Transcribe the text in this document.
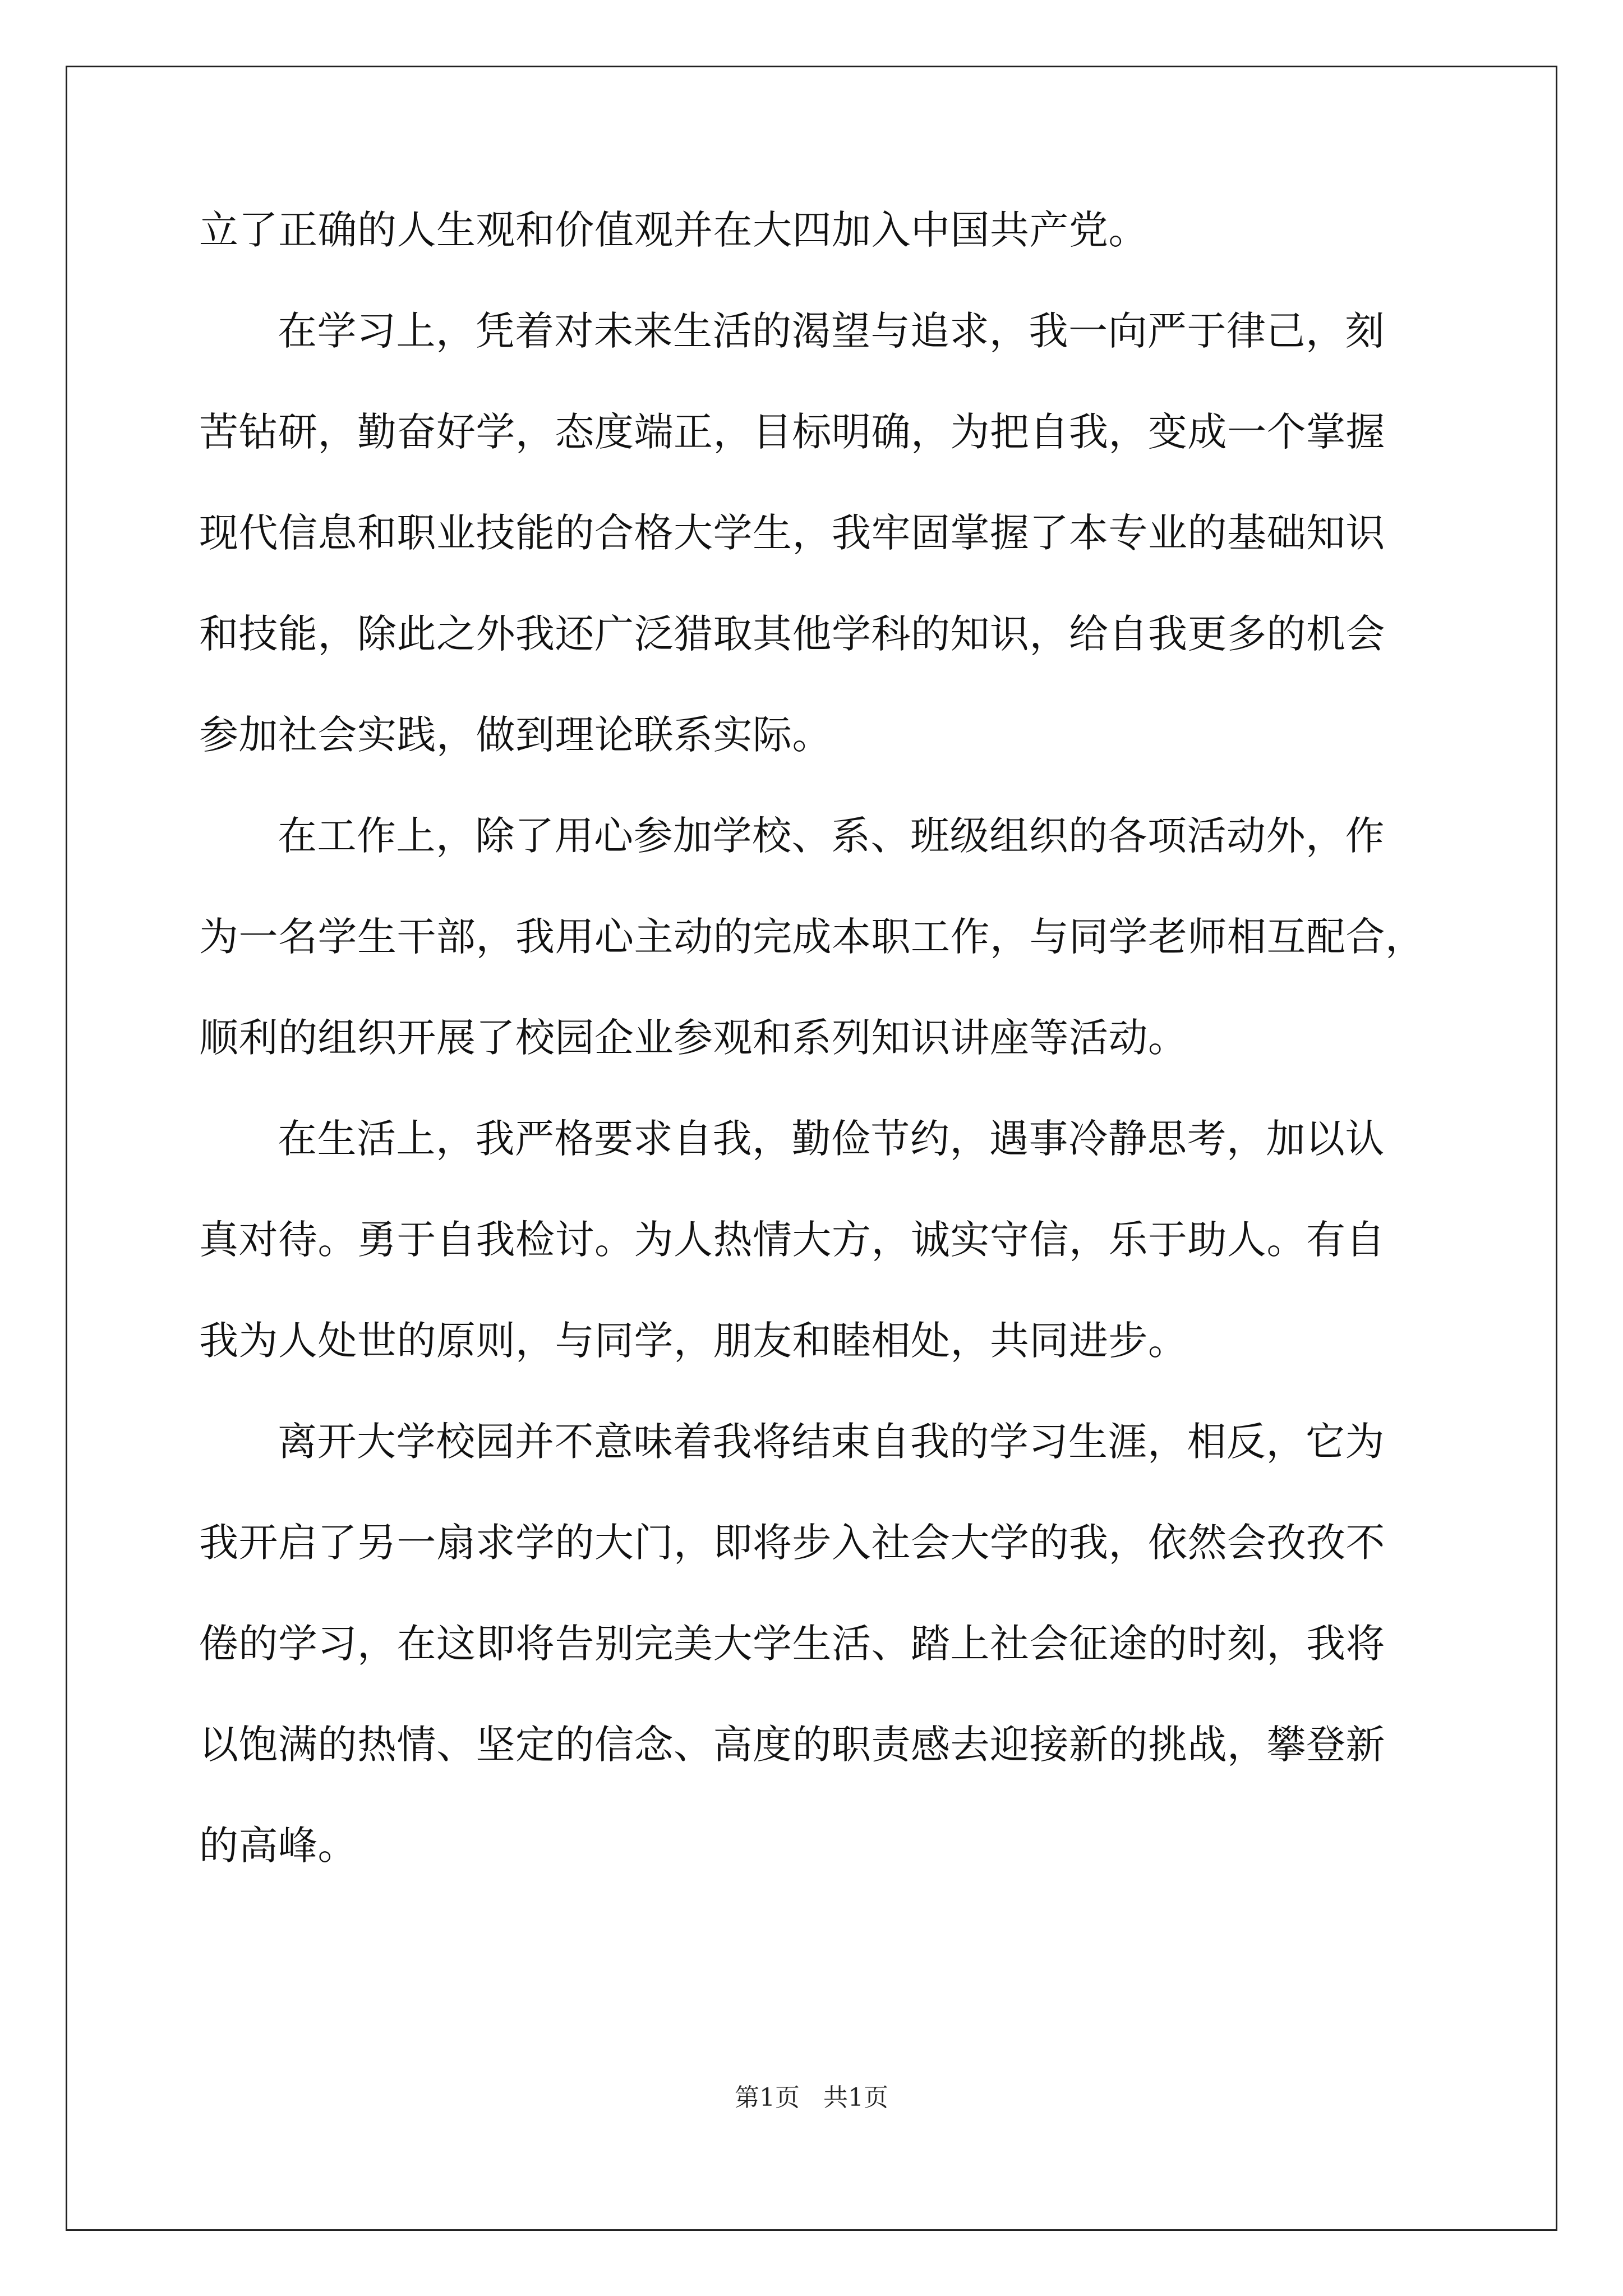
立了正确的人生观和价值观并在大四加入中国共产党。
在学习上，凭着对未来生活的渴望与追求，我一向严于律己，刻
苦钻研，勤奋好学，态度端正，目标明确，为把自我，变成一个掌握
现代信息和职业技能的合格大学生，我牢固掌握了本专业的基础知识
和技能，除此之外我还广泛猎取其他学科的知识，给自我更多的机会
参加社会实践，做到理论联系实际。
在工作上，除了用心参加学校、系、班级组织的各项活动外，作
为一名学生干部，我用心主动的完成本职工作，与同学老师相互配合，
顺利的组织开展了校园企业参观和系列知识讲座等活动。
在生活上，我严格要求自我，勤俭节约，遇事冷静思考，加以认
真对待。勇于自我检讨。为人热情大方，诚实守信，乐于助人。有自
我为人处世的原则，与同学，朋友和睦相处，共同进步。
离开大学校园并不意味着我将结束自我的学习生涯，相反，它为
我开启了另一扇求学的大门，即将步入社会大学的我，依然会孜孜不
倦的学习，在这即将告别完美大学生活、踏上社会征途的时刻，我将
以饱满的热情、坚定的信念、高度的职责感去迎接新的挑战，攀登新
的高峰。
第1页   共1页
